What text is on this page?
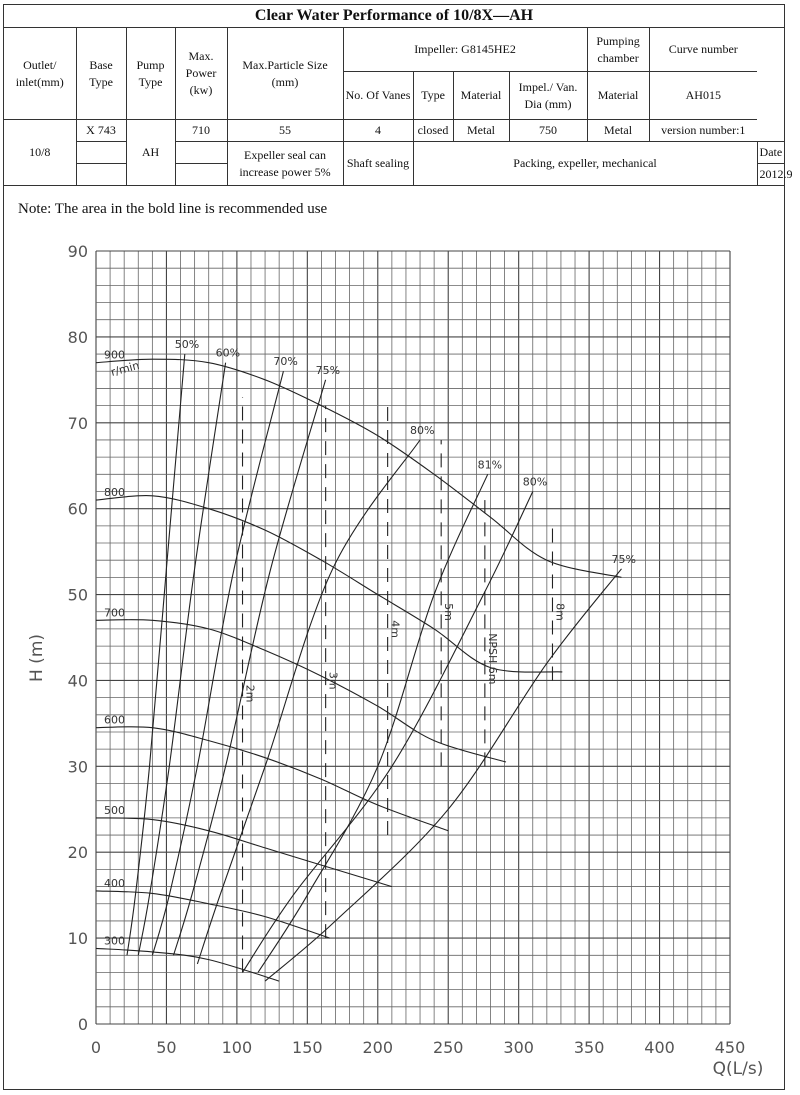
Clear Water Performance of 10/8X—AH
Outlet/ inlet(mm)	Base Type	Pump Type	Max. Power (kw)	Max.Particle Size (mm)	Impeller: G8145HE2				Pumping chamber	Curve number	
					No. Of Vanes	Type	Material	Impel./ Van. Dia (mm)	Material	AH015	
10/8	X 743	AH	710	55	4	closed	Metal	750	Metal	version number:1	
				Expeller seal can increase power 5%	Shaft sealing	Packing, expeller, mechanical					Date
											2012.9
Note: The area in the bold line is recommended use
900
800
700
600
500
400
300
50%
60%
70%
75%
80%
81%
80%
75%
2m
3m
4m
5m
NPSH 6m
8m
0	50	100 150 200 250 300 350 400 450
0
10
20
30
40
50
60
70
80
90
H (m)
Q(L/s)
r/min
